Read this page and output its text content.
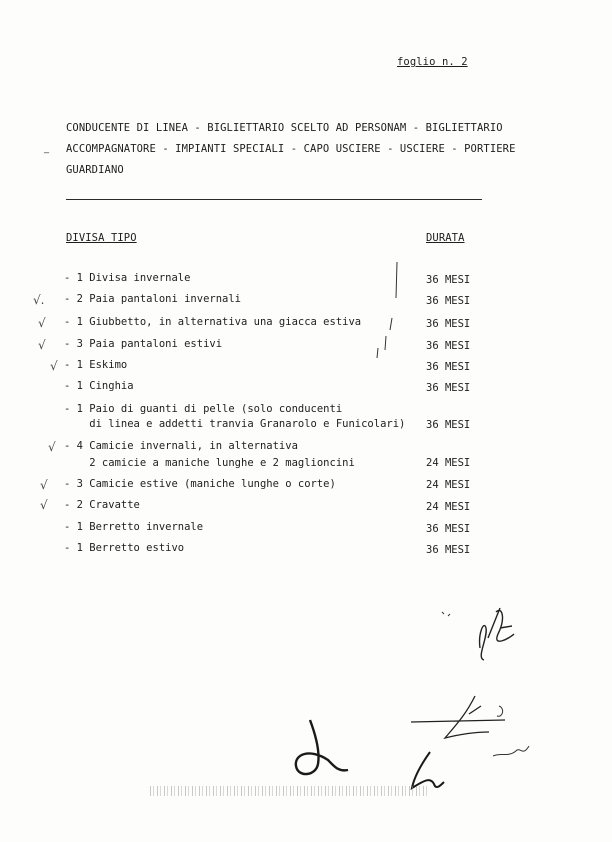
foglio n. 2
CONDUCENTE DI LINEA - BIGLIETTARIO SCELTO AD PERSONAM - BIGLIETTARIO
ACCOMPAGNATORE - IMPIANTI SPECIALI - CAPO USCIERE - USCIERE - PORTIERE
GUARDIANO
DIVISA TIPO	DURATA
- 1 Divisa invernale	36 MESI
- 2 Paia pantaloni invernali	36 MESI
- 1 Giubbetto, in alternativa una giacca estiva	36 MESI
- 3 Paia pantaloni estivi	36 MESI
- 1 Eskimo	36 MESI
- 1 Cinghia	36 MESI
- 1 Paio di guanti di pelle (solo conducenti
di linea e addetti tranvia Granarolo e Funicolari) 36 MESI
- 4 Camicie invernali, in alternativa
2 camicie a maniche lunghe e 2 maglioncini	24 MESI
- 3 Camicie estive (maniche lunghe o corte)	24 MESI
- 2 Cravatte	24 MESI
- 1 Berretto invernale	36 MESI
- 1 Berretto estivo	36 MESI
√.
√
√
√
√
√
√
_
